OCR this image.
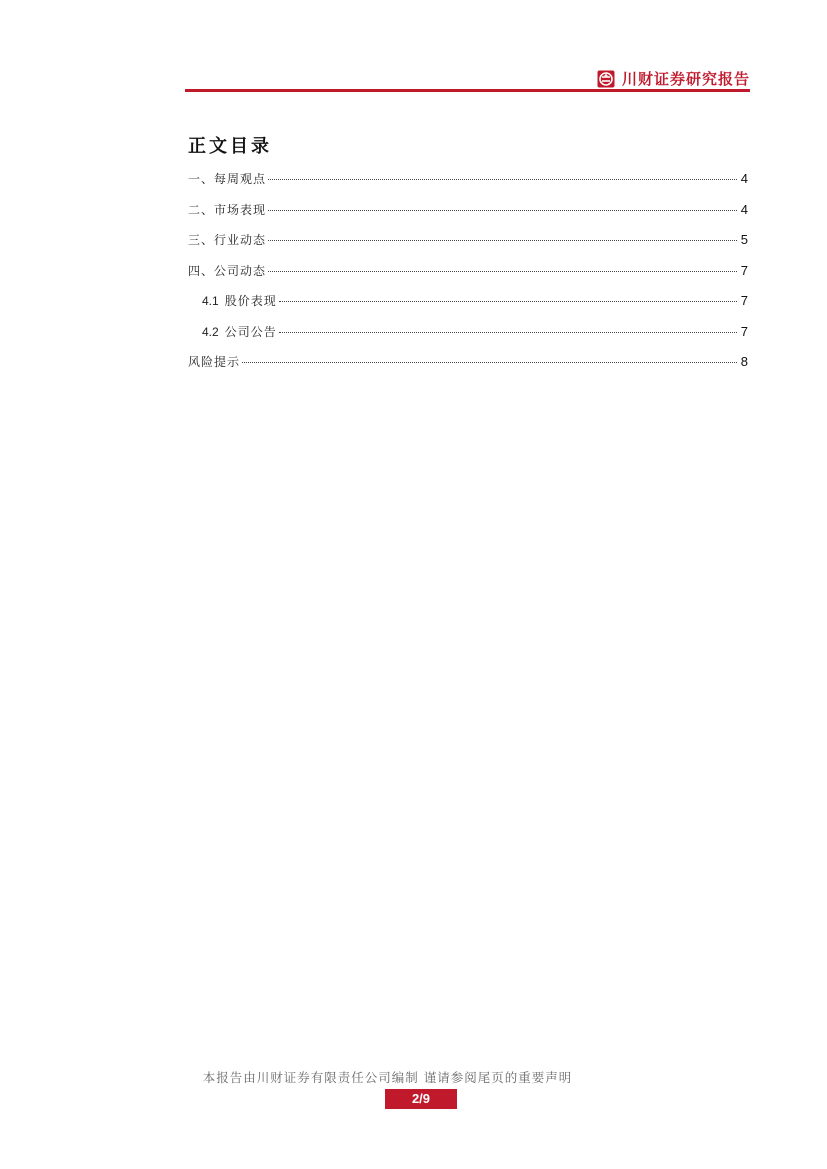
川财证券研究报告
正文目录
一、每周观点	4
二、市场表现	4
三、行业动态	5
四、公司动态	7
4.1 股价表现	7
4.2 公司公告	7
风险提示	8
本报告由川财证券有限责任公司编制 谨请参阅尾页的重要声明
2/9
